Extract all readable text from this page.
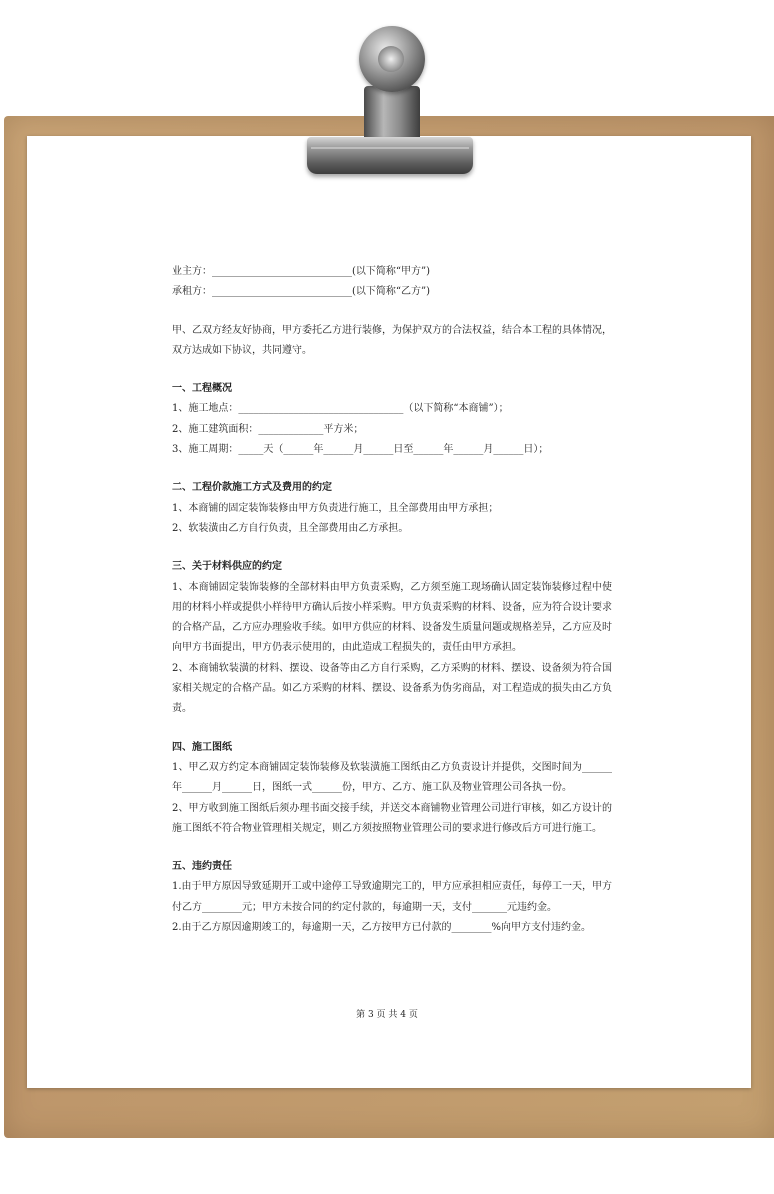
业主方：____________________________(以下简称“甲方”)

承租方：____________________________(以下简称“乙方”)

甲、乙双方经友好协商，甲方委托乙方进行装修，为保护双方的合法权益，结合本工程的具体情况，双方达成如下协议，共同遵守。

一、工程概况

1、施工地点：_________________________________（以下简称“本商铺”）；

2、施工建筑面积：_____________平方米；

3、施工周期：_____天（______年______月______日至______年______月______日）；

二、工程价款施工方式及费用的约定

1、本商铺的固定装饰装修由甲方负责进行施工，且全部费用由甲方承担；

2、软装潢由乙方自行负责，且全部费用由乙方承担。

三、关于材料供应的约定

1、本商铺固定装饰装修的全部材料由甲方负责采购，乙方须至施工现场确认固定装饰装修过程中使用的材料小样或提供小样待甲方确认后按小样采购。甲方负责采购的材料、设备，应为符合设计要求的合格产品，乙方应办理验收手续。如甲方供应的材料、设备发生质量问题或规格差异，乙方应及时向甲方书面提出，甲方仍表示使用的，由此造成工程损失的，责任由甲方承担。

2、本商铺软装潢的材料、摆设、设备等由乙方自行采购，乙方采购的材料、摆设、设备须为符合国家相关规定的合格产品。如乙方采购的材料、摆设、设备系为伪劣商品，对工程造成的损失由乙方负责。

四、施工图纸

1、甲乙双方约定本商铺固定装饰装修及软装潢施工图纸由乙方负责设计并提供，交图时间为______年______月______日，图纸一式______份，甲方、乙方、施工队及物业管理公司各执一份。

2、甲方收到施工图纸后须办理书面交接手续，并送交本商铺物业管理公司进行审核，如乙方设计的施工图纸不符合物业管理相关规定，则乙方须按照物业管理公司的要求进行修改后方可进行施工。

五、违约责任

1.由于甲方原因导致延期开工或中途停工导致逾期完工的，甲方应承担相应责任，每停工一天，甲方付乙方________元；甲方未按合同的约定付款的，每逾期一天，支付_______元违约金。

2.由于乙方原因逾期竣工的，每逾期一天，乙方按甲方已付款的________%向甲方支付违约金。

第 3 页 共 4 页
